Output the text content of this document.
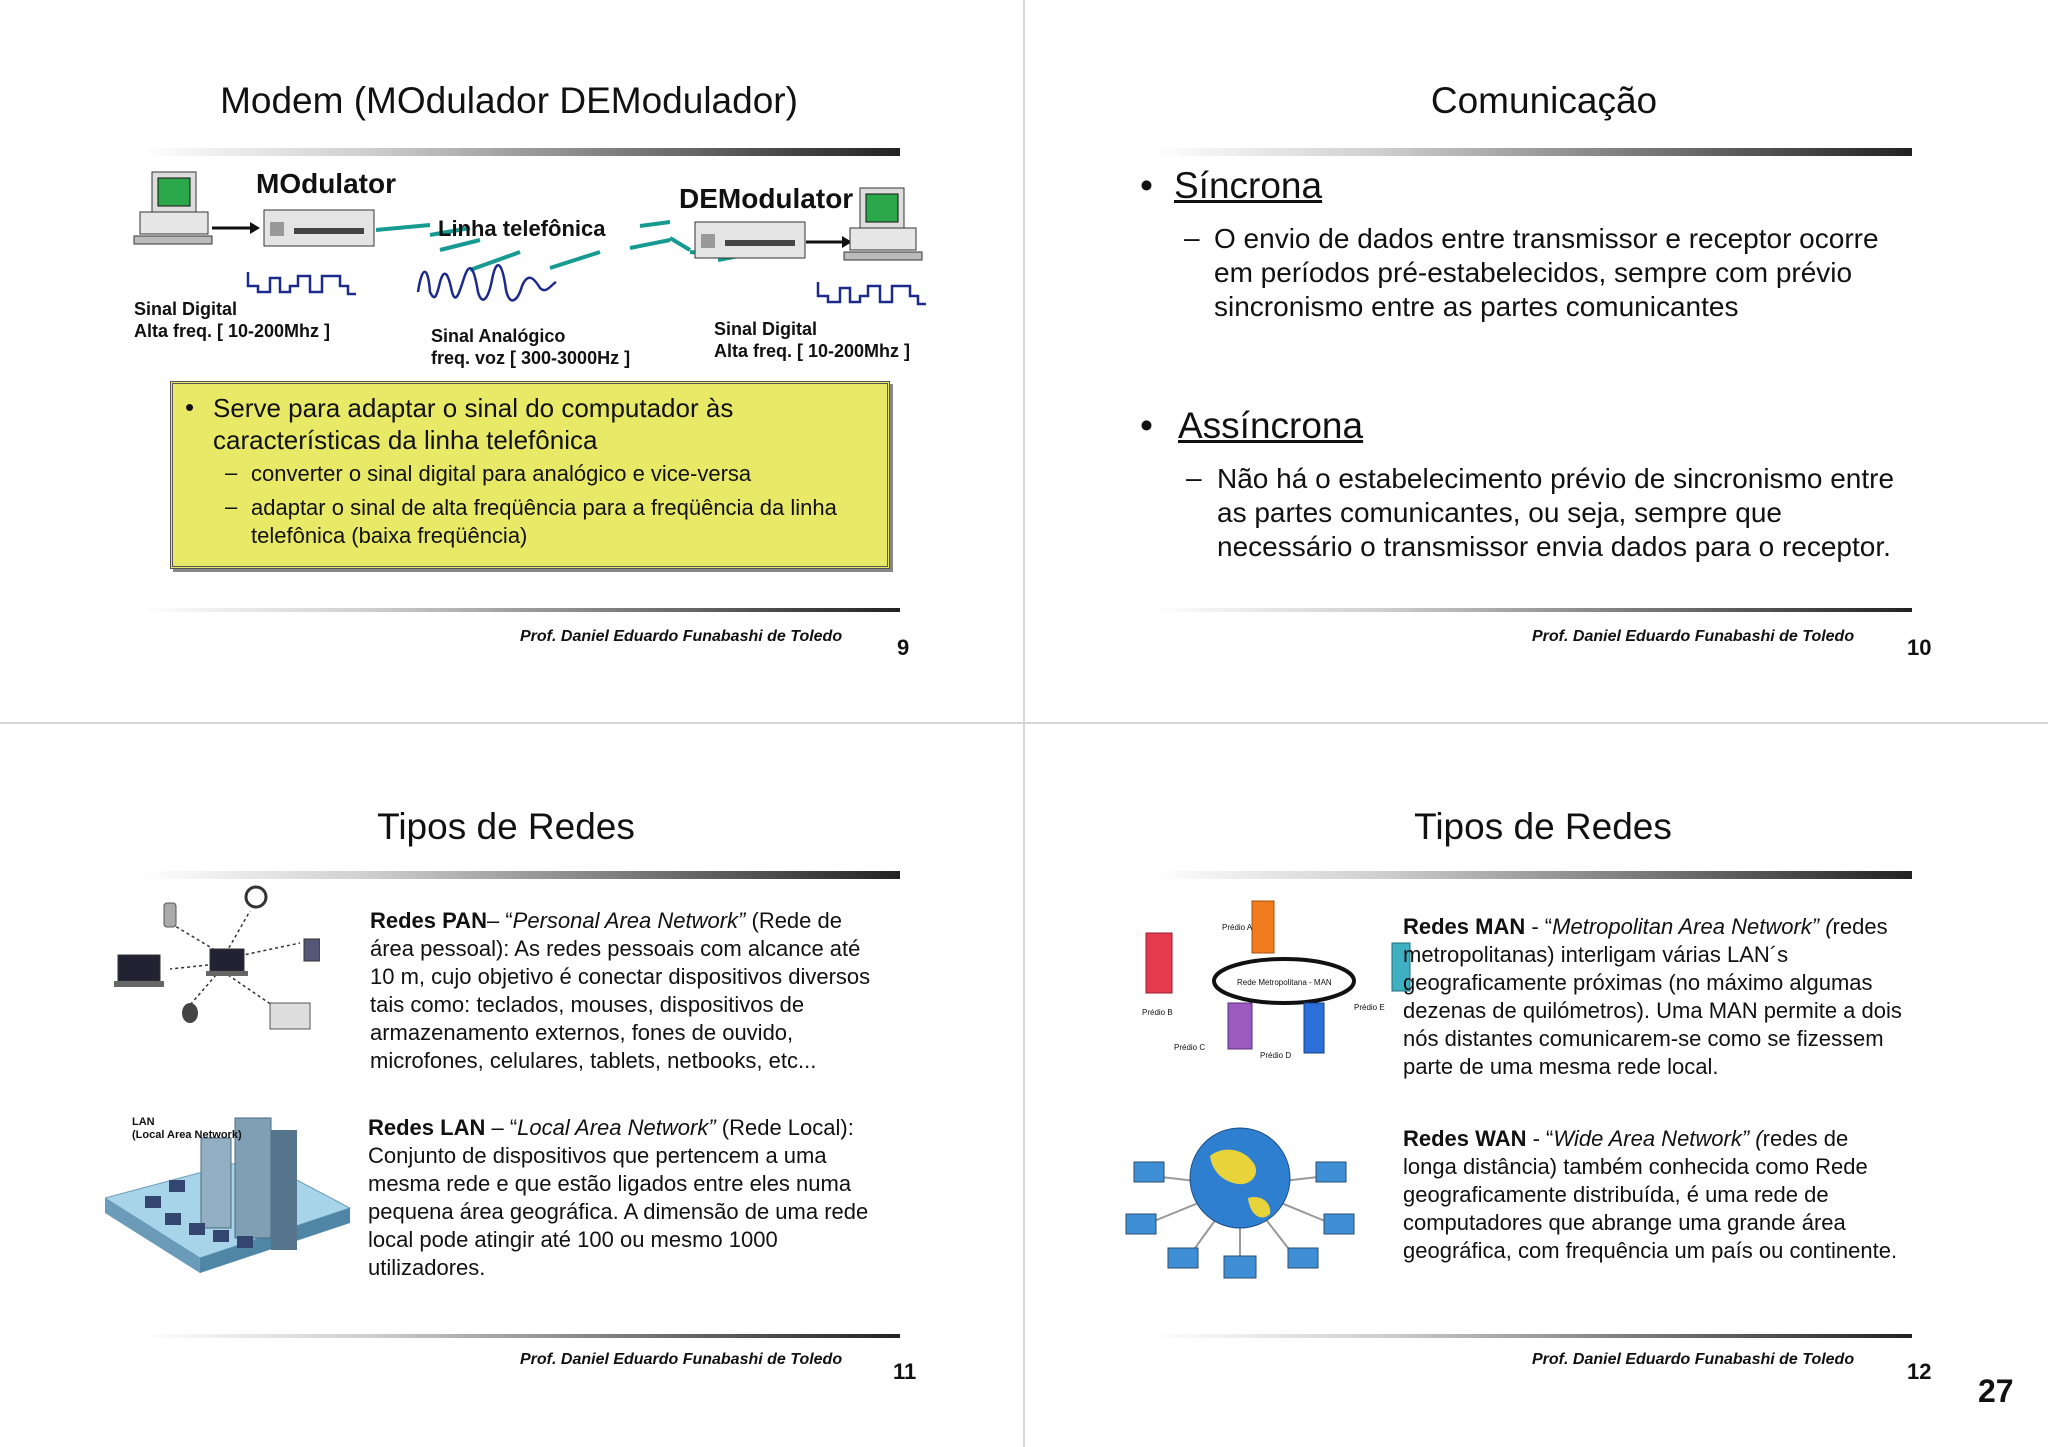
Modem (MOdulador DEModulador)
MOdulator	DEModulator
Linha telefônica
Sinal Digital
Alta freq. [ 10-200Mhz ]	Sinal Analógico
freq. voz [ 300-3000Hz ]
Sinal Digital
Alta freq. [ 10-200Mhz ]
• Serve para adaptar o sinal do computador às
características da linha telefônica
– converter o sinal digital para analógico e vice-versa
– adaptar o sinal de alta freqüência para a freqüência da linha
telefônica (baixa freqüência)
Prof. Daniel Eduardo Funabashi de Toledo 9
Comunicação
• Síncrona
– O envio de dados entre transmissor e receptor ocorre
em períodos pré-estabelecidos, sempre com prévio
sincronismo entre as partes comunicantes
• Assíncrona
– Não há o estabelecimento prévio de sincronismo entre
as partes comunicantes, ou seja, sempre que
necessário o transmissor envia dados para o receptor.
Prof. Daniel Eduardo Funabashi de Toledo 10
Tipos de Redes
LAN
(Local Area Network)
Redes PAN– “Personal Area Network” (Rede de
área pessoal): As redes pessoais com alcance até
10 m, cujo objetivo é conectar dispositivos diversos
tais como: teclados, mouses, dispositivos de
armazenamento externos, fones de ouvido,
microfones, celulares, tablets, netbooks, etc...
Redes LAN – “Local Area Network” (Rede Local):
Conjunto de dispositivos que pertencem a uma
mesma rede e que estão ligados entre eles numa
pequena área geográfica. A dimensão de uma rede
local pode atingir até 100 ou mesmo 1000
utilizadores.
Prof. Daniel Eduardo Funabashi de Toledo 11
Tipos de Redes
Prédio A
Rede Metropolitana - MAN
Prédio B
Prédio C
Prédio D
Prédio E
Redes MAN - “Metropolitan Area Network” (redes
metropolitanas) interligam várias LAN´s
geograficamente próximas (no máximo algumas
dezenas de quilómetros). Uma MAN permite a dois
nós distantes comunicarem-se como se fizessem
parte de uma mesma rede local.
Redes WAN - “Wide Area Network” (redes de
longa distância) também conhecida como Rede
geograficamente distribuída, é uma rede de
computadores que abrange uma grande área
geográfica, com frequência um país ou continente.
Prof. Daniel Eduardo Funabashi de Toledo 12
27
